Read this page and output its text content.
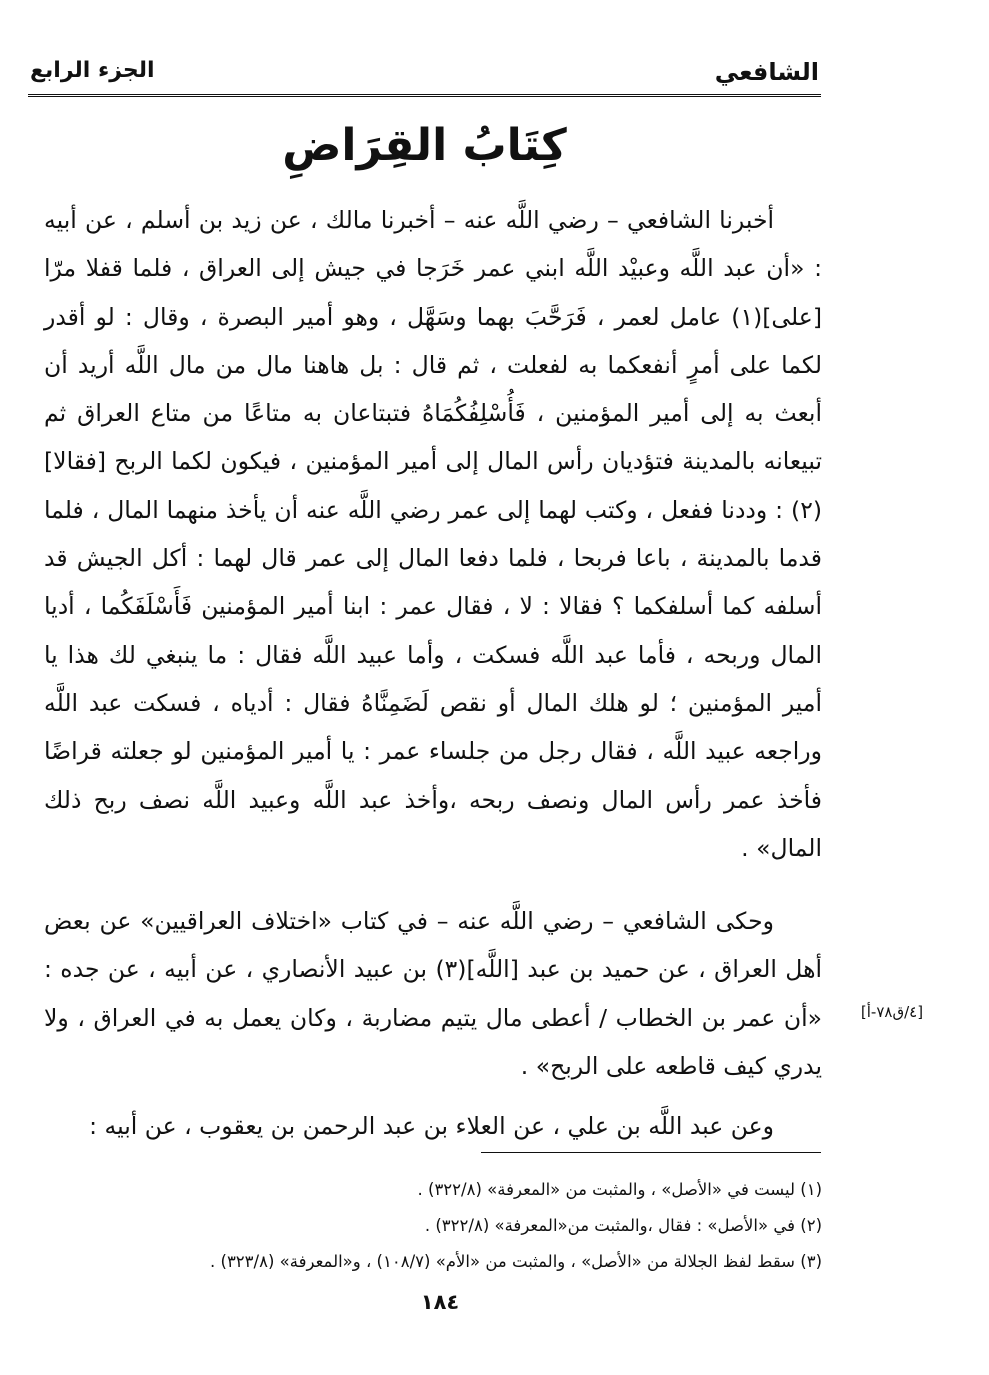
الشافعي
الجزء الرابع
كِتَابُ القِرَاضِ

أخبرنا الشافعي – رضي اللَّه عنه – أخبرنا مالك ، عن زيد بن أسلم ، عن أبيه : «أن عبد اللَّه وعبيْد اللَّه ابني عمر خَرَجا في جيش إلى العراق ، فلما قفلا مرّا [على](١) عامل لعمر ، فَرَحَّبَ بهما وسَهَّل ، وهو أمير البصرة ، وقال : لو أقدر لكما على أمرٍ أنفعكما به لفعلت ، ثم قال : بل هاهنا مال من مال اللَّه أريد أن أبعث به إلى أمير المؤمنين ، فَأُسْلِفُكُمَاهُ فتبتاعان به متاعًا من متاع العراق ثم تبيعانه بالمدينة فتؤديان رأس المال إلى أمير المؤمنين ، فيكون لكما الربح [فقالا](٢) : وددنا ففعل ، وكتب لهما إلى عمر رضي اللَّه عنه أن يأخذ منهما المال ، فلما قدما بالمدينة ، باعا فربحا ، فلما دفعا المال إلى عمر قال لهما : أكل الجيش قد أسلفه كما أسلفكما ؟ فقالا : لا ، فقال عمر : ابنا أمير المؤمنين فَأَسْلَفَكُما ، أديا المال وربحه ، فأما عبد اللَّه فسكت ، وأما عبيد اللَّه فقال : ما ينبغي لك هذا يا أمير المؤمنين ؛ لو هلك المال أو نقص لَضَمِنَّاهُ فقال : أدياه ، فسكت عبد اللَّه وراجعه عبيد اللَّه ، فقال رجل من جلساء عمر : يا أمير المؤمنين لو جعلته قراضًا فأخذ عمر رأس المال ونصف ربحه ،وأخذ عبد اللَّه وعبيد اللَّه نصف ربح ذلك المال» .

وحكى الشافعي – رضي اللَّه عنه – في كتاب «اختلاف العراقيين» عن بعض أهل العراق ، عن حميد بن عبد [اللَّه](٣) بن عبيد الأنصاري ، عن أبيه ، عن جده : «أن عمر بن الخطاب / أعطى مال يتيم مضاربة ، وكان يعمل به في العراق ، ولا يدري كيف قاطعه على الربح» .

وعن عبد اللَّه بن علي ، عن العلاء بن عبد الرحمن بن يعقوب ، عن أبيه :

[٤/ق٧٨-أ]

(١) ليست في «الأصل» ، والمثبت من «المعرفة» (٣٢٢/٨) .

(٢) في «الأصل» : فقال ،والمثبت من«المعرفة» (٣٢٢/٨) .

(٣) سقط لفظ الجلالة من «الأصل» ، والمثبت من «الأم» (١٠٨/٧) ، و«المعرفة» (٣٢٣/٨) .

١٨٤
